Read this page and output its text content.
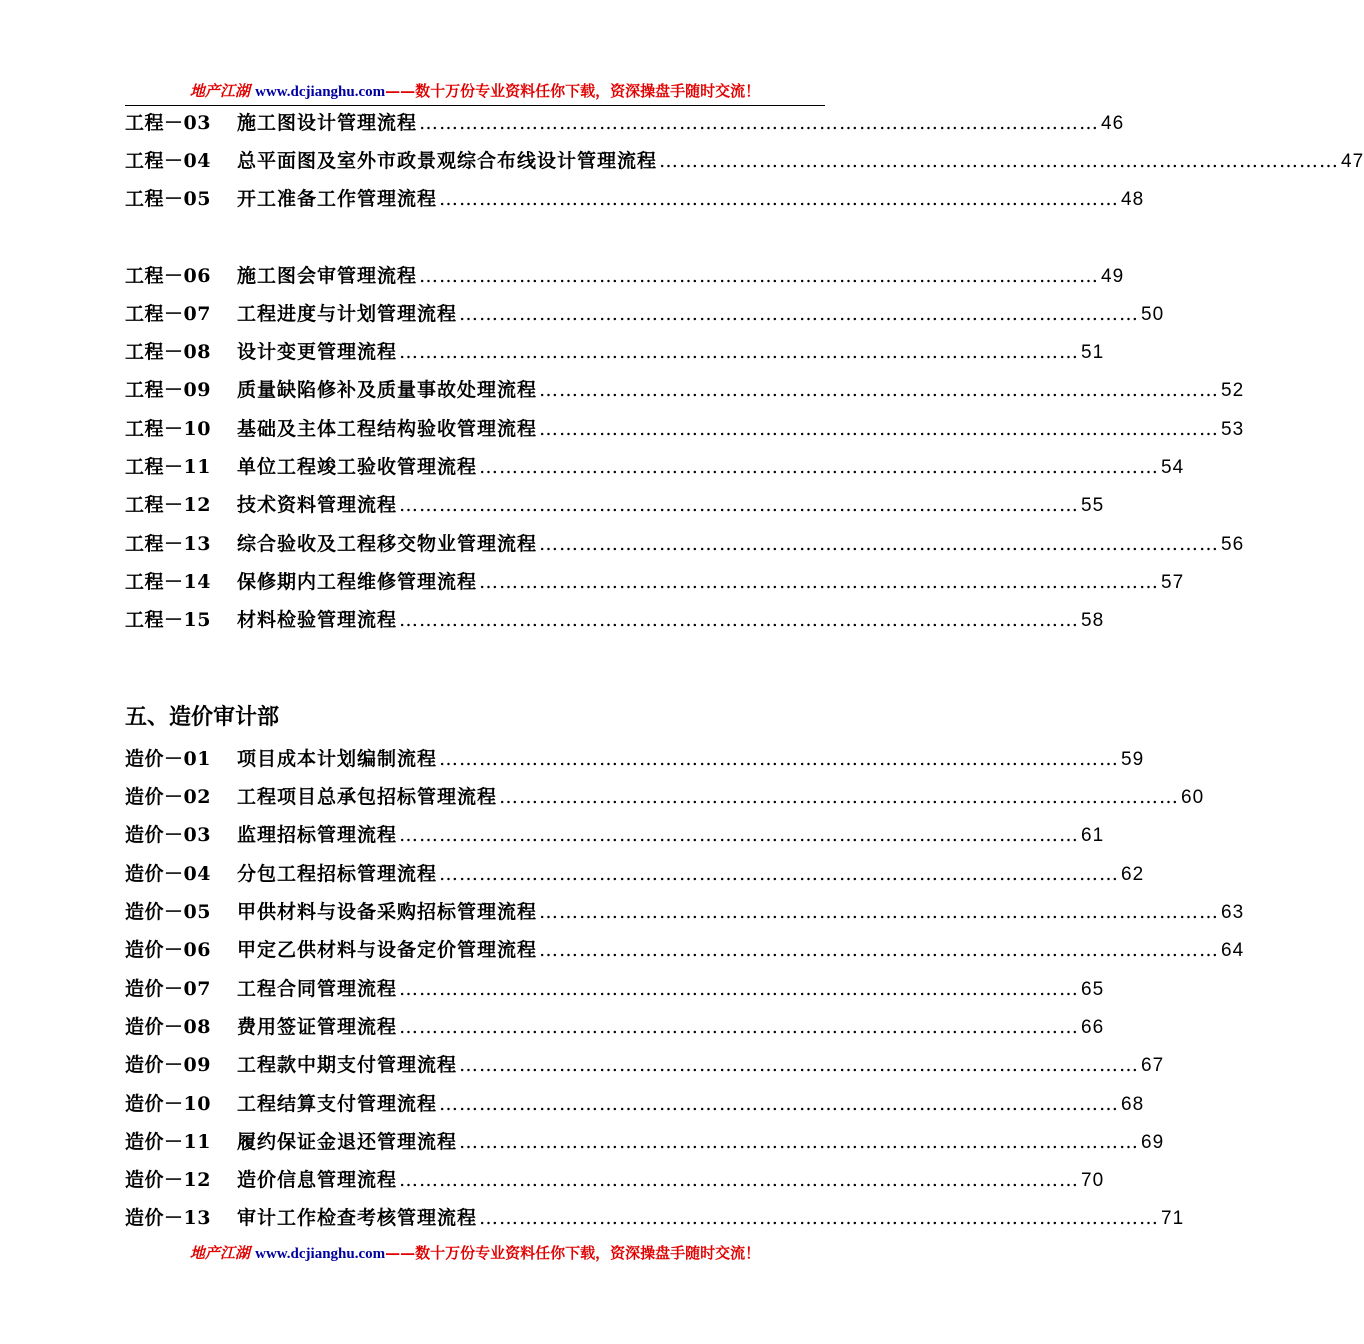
地产江湖 www.dcjianghu.com——数十万份专业资料任你下载，资深操盘手随时交流！
工程－03	施工图设计管理流程 ………………………………………………………………………………………… 46
工程－04	总平面图及室外市政景观综合布线设计管理流程 ………………………………………………………………………………………… 47
工程－05	开工准备工作管理流程 ………………………………………………………………………………………… 48
工程－06	施工图会审管理流程 ………………………………………………………………………………………… 49
工程－07	工程进度与计划管理流程 ………………………………………………………………………………………… 50
工程－08	设计变更管理流程 ………………………………………………………………………………………… 51
工程－09	质量缺陷修补及质量事故处理流程 ………………………………………………………………………………………… 52
工程－10	基础及主体工程结构验收管理流程 ………………………………………………………………………………………… 53
工程－11	单位工程竣工验收管理流程 ………………………………………………………………………………………… 54
工程－12	技术资料管理流程 ………………………………………………………………………………………… 55
工程－13	综合验收及工程移交物业管理流程 ………………………………………………………………………………………… 56
工程－14	保修期内工程维修管理流程 ………………………………………………………………………………………… 57
工程－15	材料检验管理流程 ………………………………………………………………………………………… 58
五、造价审计部
造价－01	项目成本计划编制流程 ………………………………………………………………………………………… 59
造价－02	工程项目总承包招标管理流程 ………………………………………………………………………………………… 60
造价－03	监理招标管理流程 ………………………………………………………………………………………… 61
造价－04	分包工程招标管理流程 ………………………………………………………………………………………… 62
造价－05	甲供材料与设备采购招标管理流程 ………………………………………………………………………………………… 63
造价－06	甲定乙供材料与设备定价管理流程 ………………………………………………………………………………………… 64
造价－07	工程合同管理流程 ………………………………………………………………………………………… 65
造价－08	费用签证管理流程 ………………………………………………………………………………………… 66
造价－09	工程款中期支付管理流程 ………………………………………………………………………………………… 67
造价－10	工程结算支付管理流程 ………………………………………………………………………………………… 68
造价－11	履约保证金退还管理流程 ………………………………………………………………………………………… 69
造价－12	造价信息管理流程 ………………………………………………………………………………………… 70
造价－13	审计工作检查考核管理流程 ………………………………………………………………………………………… 71
地产江湖 www.dcjianghu.com——数十万份专业资料任你下载，资深操盘手随时交流！
